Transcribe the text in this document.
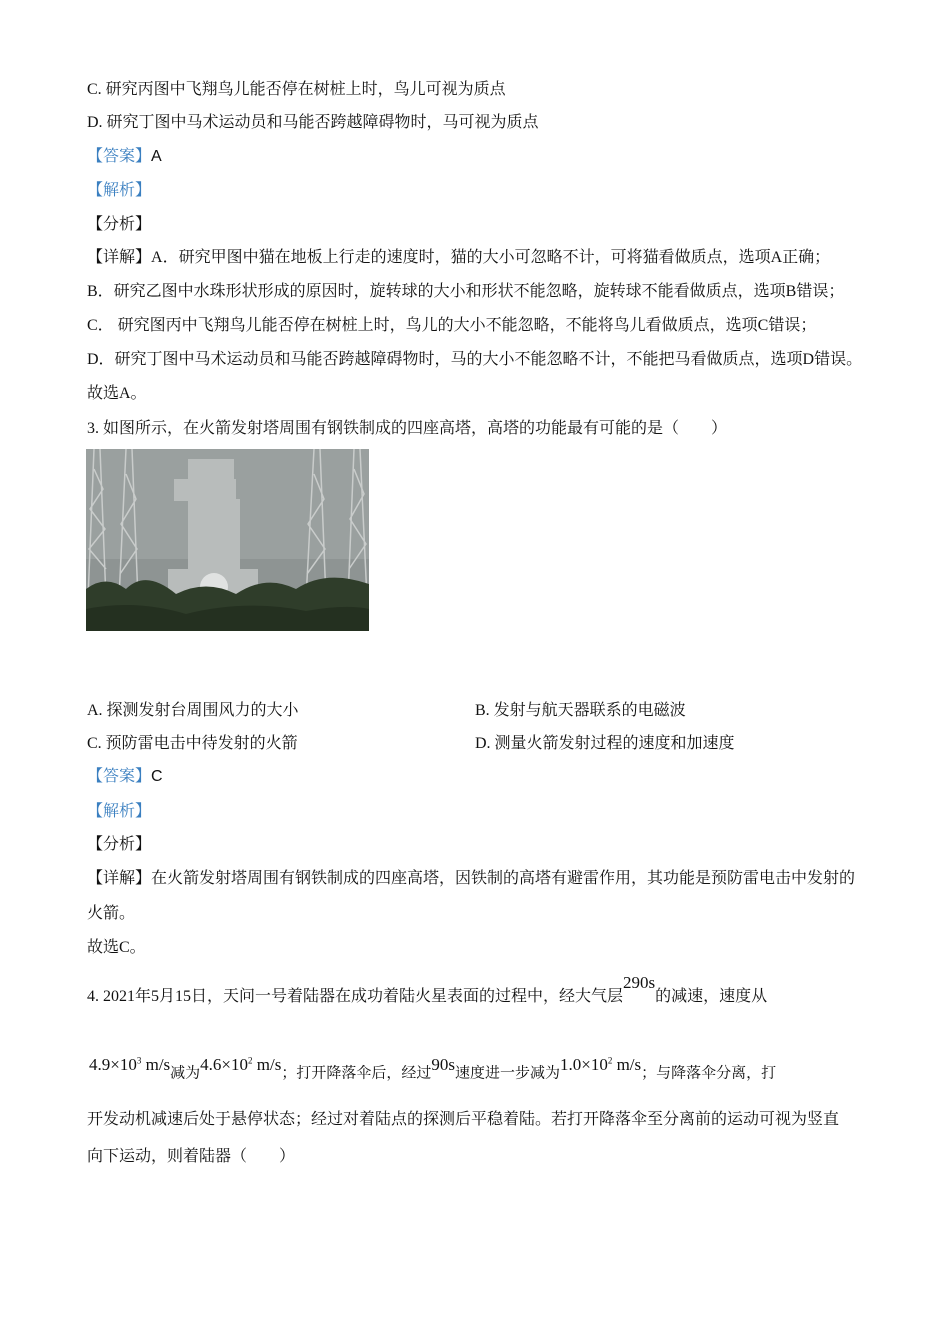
C. 研究丙图中飞翔鸟儿能否停在树桩上时，鸟儿可视为质点
D. 研究丁图中马术运动员和马能否跨越障碍物时，马可视为质点
【答案】A
【解析】
【分析】
【详解】A．研究甲图中猫在地板上行走的速度时，猫的大小可忽略不计，可将猫看做质点，选项A正确；
B．研究乙图中水珠形状形成的原因时，旋转球的大小和形状不能忽略，旋转球不能看做质点，选项B错误；
C． 研究图丙中飞翔鸟儿能否停在树桩上时，鸟儿的大小不能忽略，不能将鸟儿看做质点，选项C错误；
D．研究丁图中马术运动员和马能否跨越障碍物时，马的大小不能忽略不计，不能把马看做质点，选项D错误。
故选A。
3. 如图所示，在火箭发射塔周围有钢铁制成的四座高塔，高塔的功能最有可能的是（　　）
A. 探测发射台周围风力的大小	B. 发射与航天器联系的电磁波
C. 预防雷电击中待发射的火箭	D. 测量火箭发射过程的速度和加速度
【答案】C
【解析】
【分析】
【详解】在火箭发射塔周围有钢铁制成的四座高塔，因铁制的高塔有避雷作用，其功能是预防雷电击中发射的
火箭。
故选C。
4. 2021年5月15日，天问一号着陆器在成功着陆火星表面的过程中，经大气层290s的减速，速度从
$4.9\times 10^3$ m/s减为$4.6\times 10^2$ m/s；打开降落伞后，经过90s速度进一步减为$1.0\times 10^2$ m/s；与降落伞分离，打
开发动机减速后处于悬停状态；经过对着陆点的探测后平稳着陆。若打开降落伞至分离前的运动可视为竖直
向下运动，则着陆器（　　）
